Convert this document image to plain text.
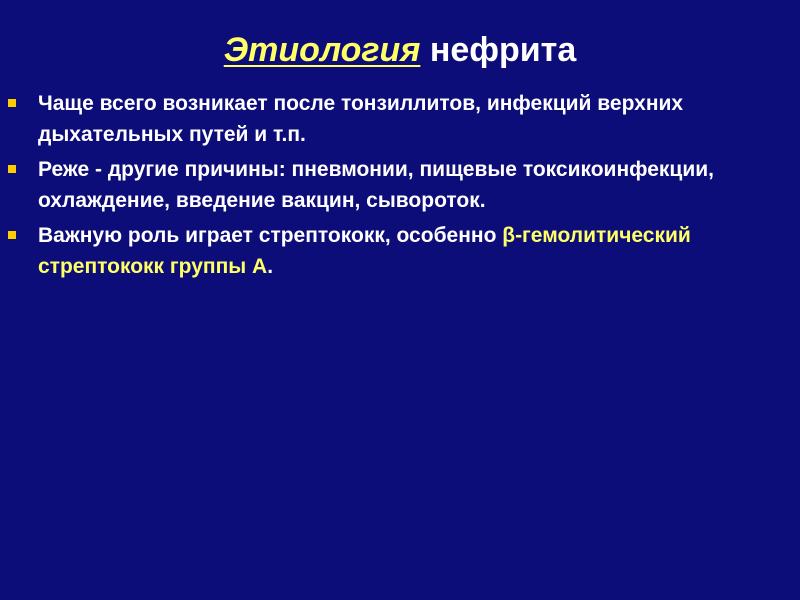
Этиология нефрита
Чаще всего возникает после тонзиллитов, инфекций верхних дыхательных путей и т.п.
Реже - другие причины: пневмонии, пищевые токсикоинфекции, охлаждение, введение вакцин, сывороток.
Важную роль играет стрептококк, особенно β-гемолитический стрептококк группы А.
